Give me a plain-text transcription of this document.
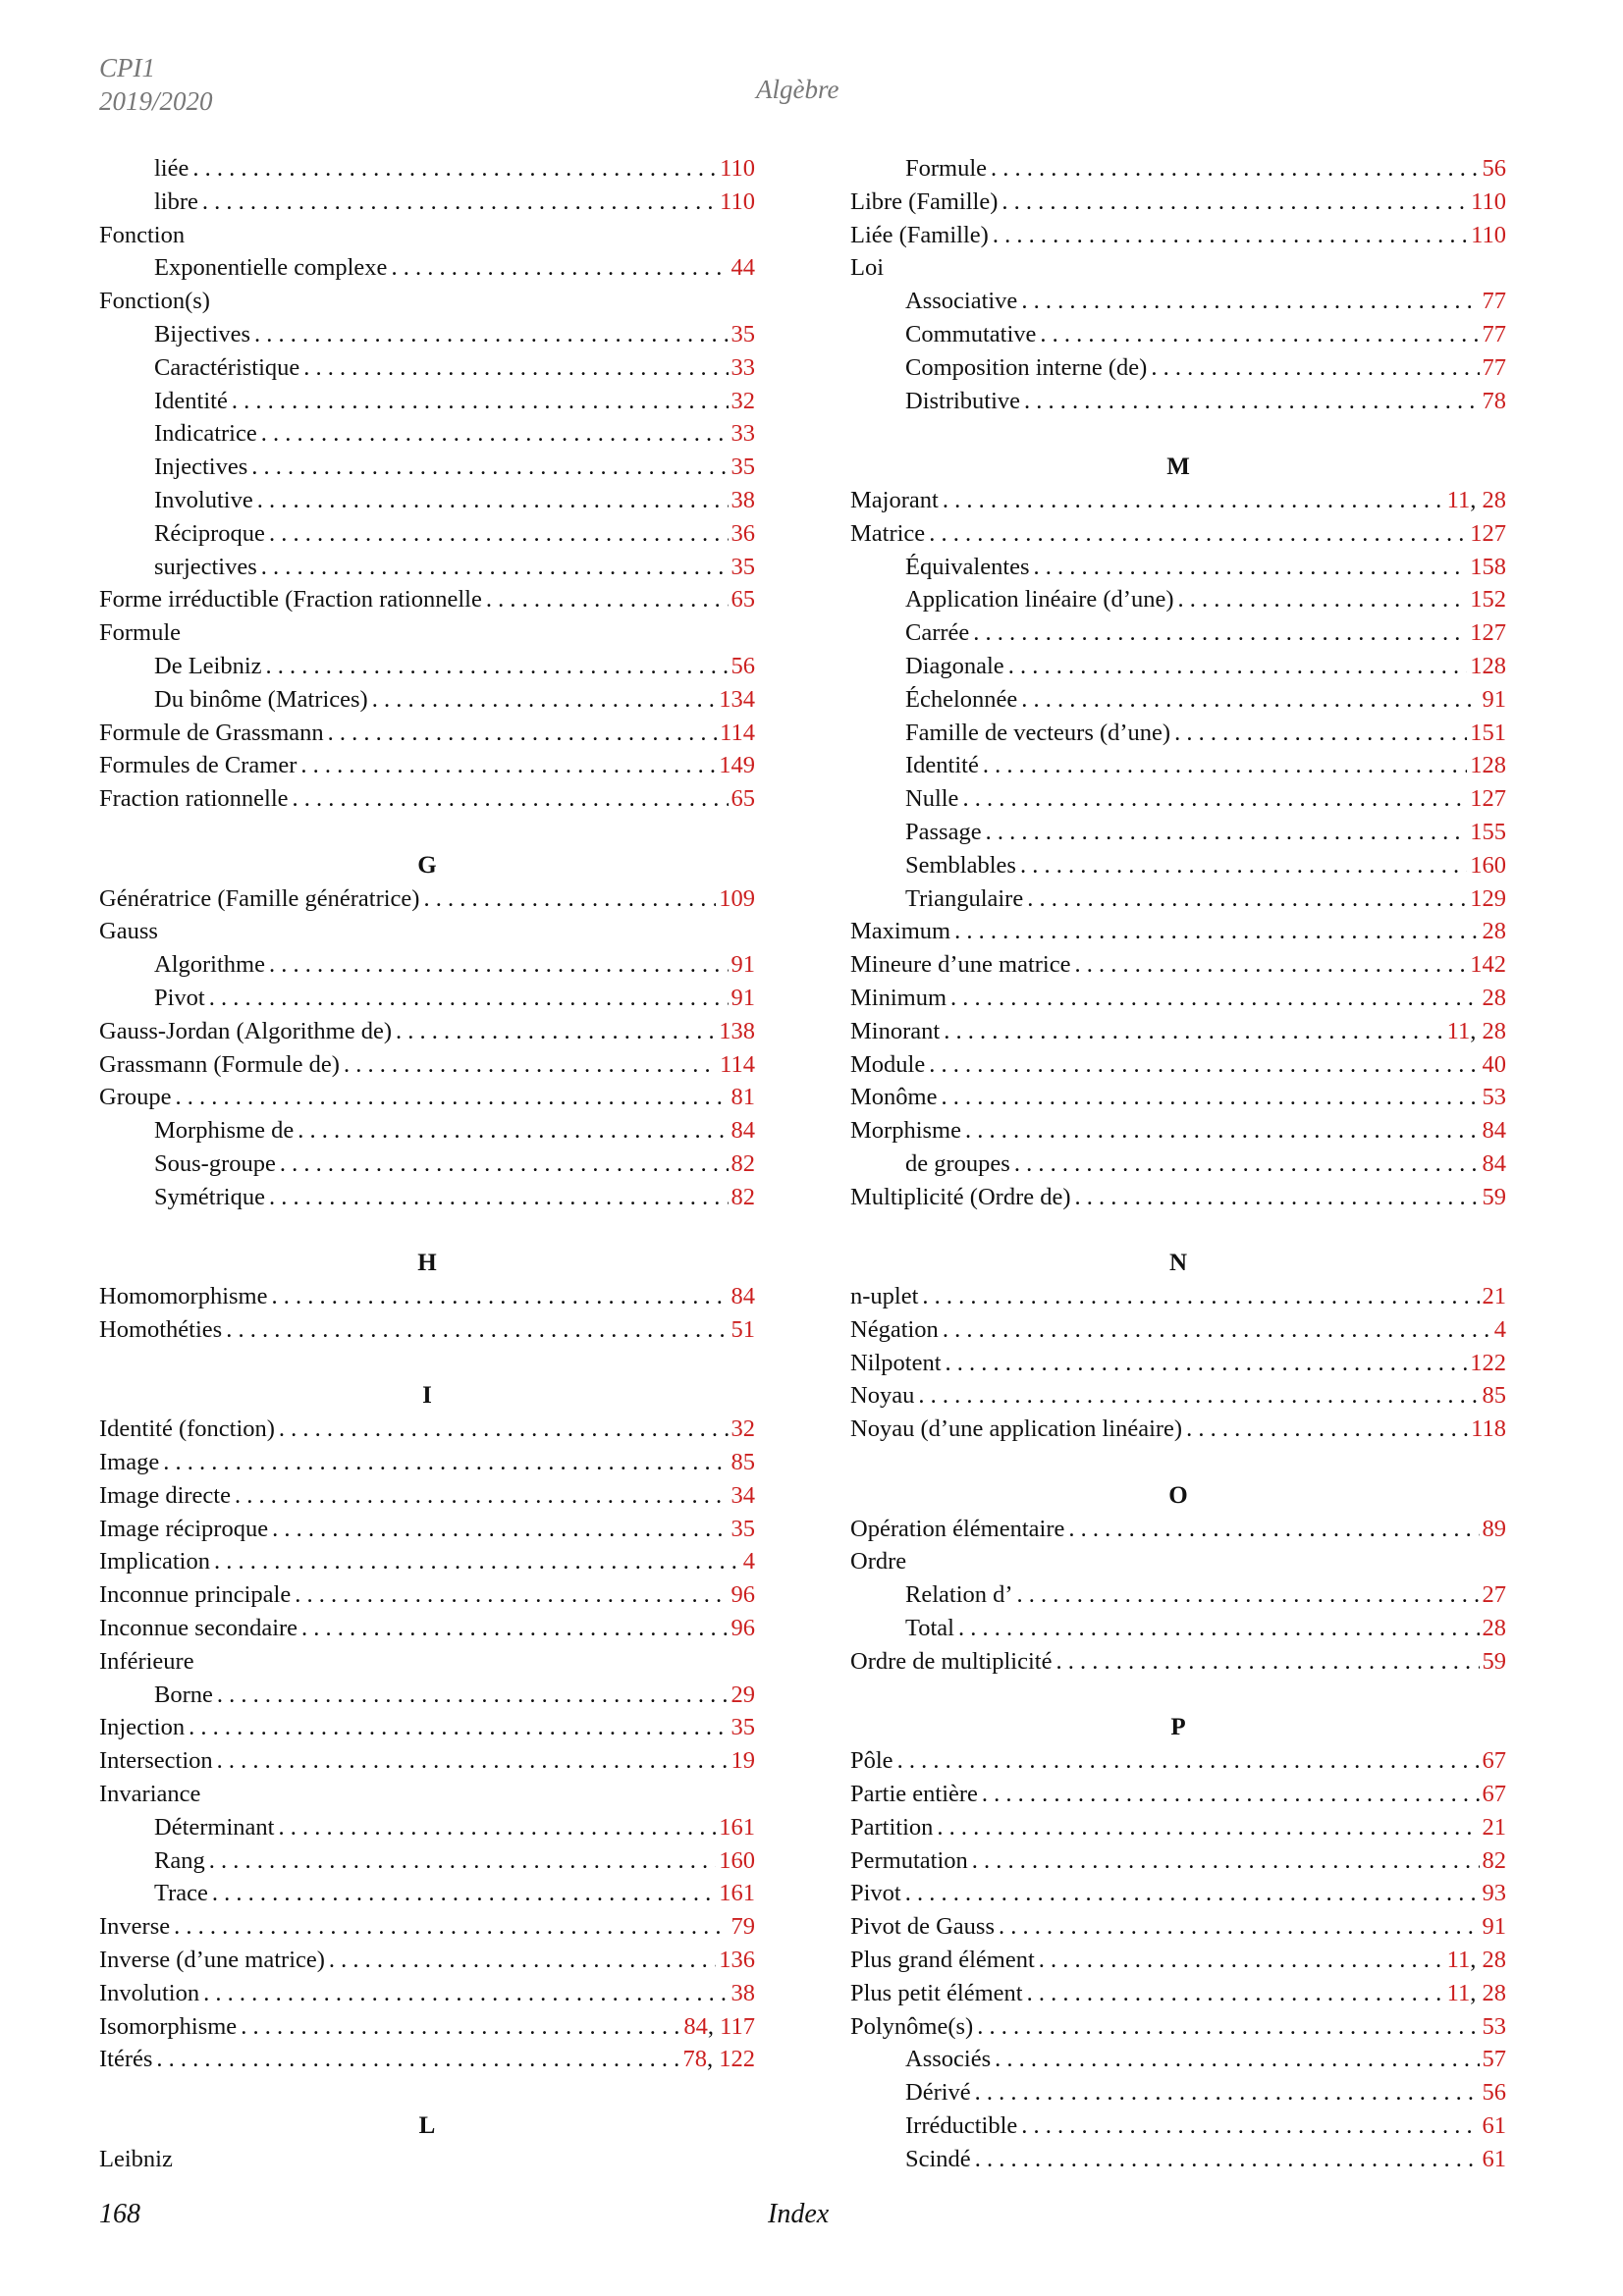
CPI1
2019/2020	Algèbre
liée . . .	110
libre . . .	110
Fonction
Exponentielle complexe . . .	44
Fonction(s)
Bijectives . . .	35
Caractéristique . . .	33
Identité . . .	32
Indicatrice . . .	33
Injectives . . .	35
Involutive . . .	38
Réciproque . . .	36
surjectives . . .	35
Forme irréductible (Fraction rationnelle . . .	65
Formule
De Leibniz . . .	56
Du binôme (Matrices) . . .	134
Formule de Grassmann . . .	114
Formules de Cramer . . .	149
Fraction rationnelle . . .	65
G
Génératrice (Famille génératrice) . . .	109
Gauss
Algorithme . . .	91
Pivot . . .	91
Gauss-Jordan (Algorithme de) . . .	138
Grassmann (Formule de) . . .	114
Groupe . . .	81
Morphisme de . . .	84
Sous-groupe . . .	82
Symétrique . . .	82
H
Homomorphisme . . .	84
Homothéties . . .	51
I
Identité (fonction) . . .	32
Image . . .	85
Image directe . . .	34
Image réciproque . . .	35
Implication . . .	4
Inconnue principale . . .	96
Inconnue secondaire . . .	96
Inférieure
Borne . . .	29
Injection . . .	35
Intersection . . .	19
Invariance
Déterminant . . .	161
Rang . . .	160
Trace . . .	161
Inverse . . .	79
Inverse (d’une matrice) . . .	136
Involution . . .	38
Isomorphisme . . .	84, 117
Itérés . . .	78, 122
L
Leibniz
Formule . . .	56
Libre (Famille) . . .	110
Liée (Famille) . . .	110
Loi
Associative . . .	77
Commutative . . .	77
Composition interne (de) . . .	77
Distributive . . .	78
M
Majorant . . .	11, 28
Matrice . . .	127
Équivalentes . . .	158
Application linéaire (d’une) . . .	152
Carrée . . .	127
Diagonale . . .	128
Échelonnée . . .	91
Famille de vecteurs (d’une) . . .	151
Identité . . .	128
Nulle . . .	127
Passage . . .	155
Semblables . . .	160
Triangulaire . . .	129
Maximum . . .	28
Mineure d’une matrice . . .	142
Minimum . . .	28
Minorant . . .	11, 28
Module . . .	40
Monôme . . .	53
Morphisme . . .	84
de groupes . . .	84
Multiplicité (Ordre de) . . .	59
N
n-uplet . . .	21
Négation . . .	4
Nilpotent . . .	122
Noyau . . .	85
Noyau (d’une application linéaire) . . .	118
O
Opération élémentaire . . .	89
Ordre
Relation d’ . . .	27
Total . . .	28
Ordre de multiplicité . . .	59
P
Pôle . . .	67
Partie entière . . .	67
Partition . . .	21
Permutation . . .	82
Pivot . . .	93
Pivot de Gauss . . .	91
Plus grand élément . . .	11, 28
Plus petit élément . . .	11, 28
Polynôme(s) . . .	53
Associés . . .	57
Dérivé . . .	56
Irréductible . . .	61
Scindé . . .	61
168	Index
